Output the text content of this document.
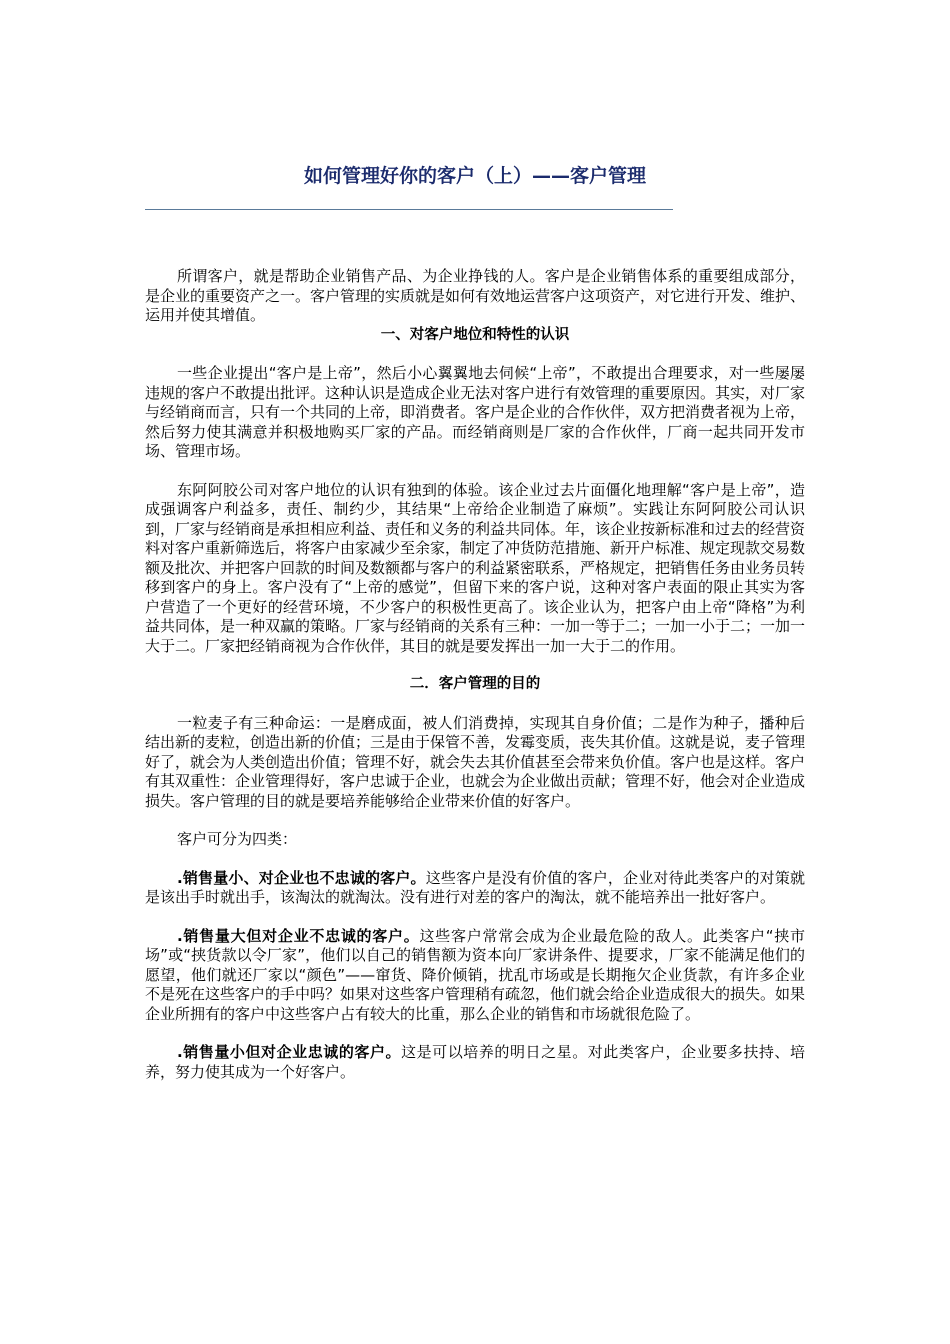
如何管理好你的客户（上）——客户管理

所谓客户，就是帮助企业销售产品、为企业挣钱的人。客户是企业销售体系的重要组成部分，是企业的重要资产之一。客户管理的实质就是如何有效地运营客户这项资产，对它进行开发、维护、运用并使其增值。

一、对客户地位和特性的认识

一些企业提出“客户是上帝”，然后小心翼翼地去伺候“上帝”，不敢提出合理要求，对一些屡屡违规的客户不敢提出批评。这种认识是造成企业无法对客户进行有效管理的重要原因。其实，对厂家与经销商而言，只有一个共同的上帝，即消费者。客户是企业的合作伙伴，双方把消费者视为上帝，然后努力使其满意并积极地购买厂家的产品。而经销商则是厂家的合作伙伴，厂商一起共同开发市场、管理市场。

东阿阿胶公司对客户地位的认识有独到的体验。该企业过去片面僵化地理解“客户是上帝”，造成强调客户利益多，责任、制约少，其结果“上帝给企业制造了麻烦”。实践让东阿阿胶公司认识到，厂家与经销商是承担相应利益、责任和义务的利益共同体。年，该企业按新标准和过去的经营资料对客户重新筛选后，将客户由家减少至余家，制定了冲货防范措施、新开户标准、规定现款交易数额及批次、并把客户回款的时间及数额都与客户的利益紧密联系，严格规定，把销售任务由业务员转移到客户的身上。客户没有了“上帝的感觉”，但留下来的客户说，这种对客户表面的限止其实为客户营造了一个更好的经营环境，不少客户的积极性更高了。该企业认为，把客户由上帝“降格”为利益共同体，是一种双赢的策略。厂家与经销商的关系有三种：一加一等于二；一加一小于二；一加一大于二。厂家把经销商视为合作伙伴，其目的就是要发挥出一加一大于二的作用。

二．客户管理的目的

一粒麦子有三种命运：一是磨成面，被人们消费掉，实现其自身价值；二是作为种子，播种后结出新的麦粒，创造出新的价值；三是由于保管不善，发霉变质，丧失其价值。这就是说，麦子管理好了，就会为人类创造出价值；管理不好，就会失去其价值甚至会带来负价值。客户也是这样。客户有其双重性：企业管理得好，客户忠诚于企业，也就会为企业做出贡献；管理不好，他会对企业造成损失。客户管理的目的就是要培养能够给企业带来价值的好客户。

客户可分为四类：

.销售量小、对企业也不忠诚的客户。这些客户是没有价值的客户，企业对待此类客户的对策就是该出手时就出手，该淘汰的就淘汰。没有进行对差的客户的淘汰，就不能培养出一批好客户。

.销售量大但对企业不忠诚的客户。这些客户常常会成为企业最危险的敌人。此类客户“挟市场”或“挟货款以令厂家”，他们以自己的销售额为资本向厂家讲条件、提要求，厂家不能满足他们的愿望，他们就还厂家以“颜色”——窜货、降价倾销，扰乱市场或是长期拖欠企业货款，有许多企业不是死在这些客户的手中吗？如果对这些客户管理稍有疏忽，他们就会给企业造成很大的损失。如果企业所拥有的客户中这些客户占有较大的比重，那么企业的销售和市场就很危险了。

.销售量小但对企业忠诚的客户。这是可以培养的明日之星。对此类客户，企业要多扶持、培养，努力使其成为一个好客户。
